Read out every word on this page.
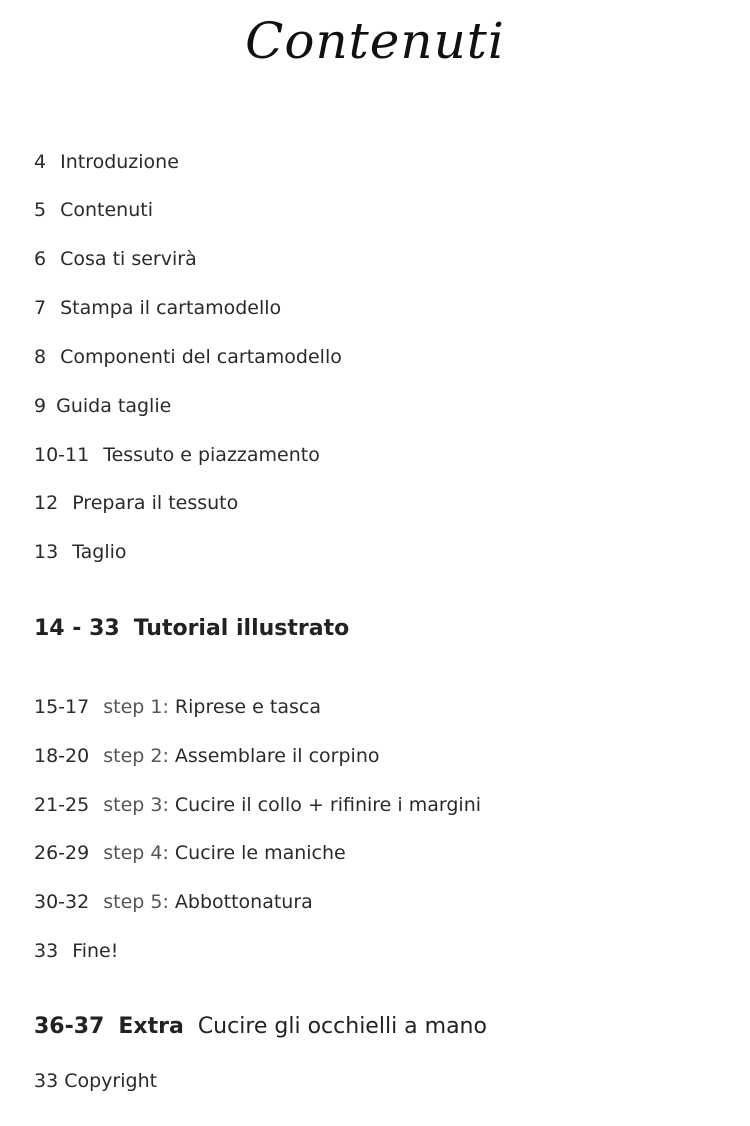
Contenuti
4 Introduzione
5 Contenuti
6 Cosa ti servirà
7 Stampa il cartamodello
8 Componenti del cartamodello
9 Guida taglie
10-11 Tessuto e piazzamento
12 Prepara il tessuto
13 Taglio
14 - 33 Tutorial illustrato
15-17 step 1: Riprese e tasca
18-20 step 2: Assemblare il corpino
21-25 step 3: Cucire il collo + rifinire i margini
26-29 step 4: Cucire le maniche
30-32 step 5: Abbottonatura
33 Fine!
36-37 Extra Cucire gli occhielli a mano
33 Copyright
